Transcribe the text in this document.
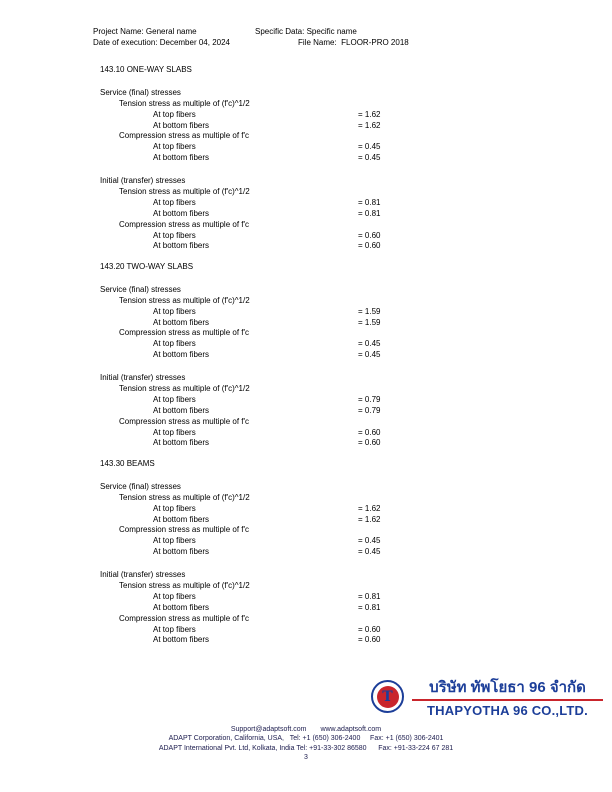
Project Name: General name	Specific Data: Specific name
Date of execution: December 04, 2024	File Name: FLOOR-PRO 2018
143.10 ONE-WAY SLABS
Service (final) stresses
Tension stress as multiple of (f'c)^1/2
At top fibers	= 1.62
At bottom fibers	= 1.62
Compression stress as multiple of f'c
At top fibers	= 0.45
At bottom fibers	= 0.45
Initial (transfer) stresses
Tension stress as multiple of (f'c)^1/2
At top fibers	= 0.81
At bottom fibers	= 0.81
Compression stress as multiple of f'c
At top fibers	= 0.60
At bottom fibers	= 0.60
143.20 TWO-WAY SLABS
Service (final) stresses
Tension stress as multiple of (f'c)^1/2
At top fibers	= 1.59
At bottom fibers	= 1.59
Compression stress as multiple of f'c
At top fibers	= 0.45
At bottom fibers	= 0.45
Initial (transfer) stresses
Tension stress as multiple of (f'c)^1/2
At top fibers	= 0.79
At bottom fibers	= 0.79
Compression stress as multiple of f'c
At top fibers	= 0.60
At bottom fibers	= 0.60
143.30 BEAMS
Service (final) stresses
Tension stress as multiple of (f'c)^1/2
At top fibers	= 1.62
At bottom fibers	= 1.62
Compression stress as multiple of f'c
At top fibers	= 0.45
At bottom fibers	= 0.45
Initial (transfer) stresses
Tension stress as multiple of (f'c)^1/2
At top fibers	= 0.81
At bottom fibers	= 0.81
Compression stress as multiple of f'c
At top fibers	= 0.60
At bottom fibers	= 0.60
T
บริษัท ทัพโยธา 96 จำกัด
THAPYOTHA 96 CO.,LTD.
Support@adaptsoft.com www.adaptsoft.com
ADAPT Corporation, California, USA,   Tel: +1 (650) 306-2400     Fax: +1 (650) 306-2401
ADAPT International Pvt. Ltd, Kolkata, India Tel: +91-33-302 86580      Fax: +91-33-224 67 281
3
